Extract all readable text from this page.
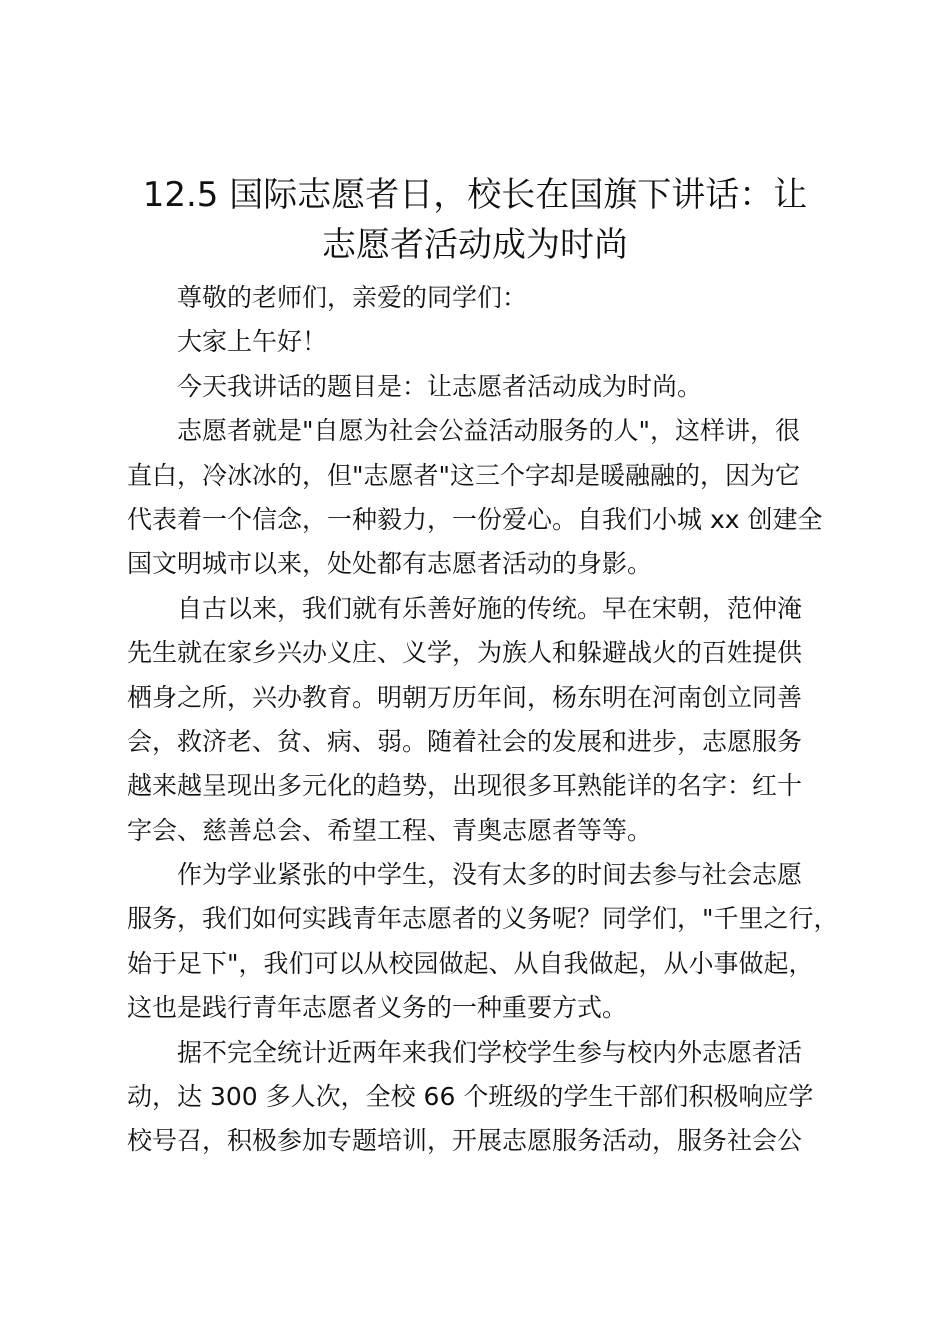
12.5 国际志愿者日，校长在国旗下讲话：让
志愿者活动成为时尚

尊敬的老师们，亲爱的同学们：

大家上午好！

今天我讲话的题目是：让志愿者活动成为时尚。

志愿者就是"自愿为社会公益活动服务的人"，这样讲，很
直白，冷冰冰的，但"志愿者"这三个字却是暖融融的，因为它
代表着一个信念，一种毅力，一份爱心。自我们小城 xx 创建全
国文明城市以来，处处都有志愿者活动的身影。

自古以来，我们就有乐善好施的传统。早在宋朝，范仲淹
先生就在家乡兴办义庄、义学，为族人和躲避战火的百姓提供
栖身之所，兴办教育。明朝万历年间，杨东明在河南创立同善
会，救济老、贫、病、弱。随着社会的发展和进步，志愿服务
越来越呈现出多元化的趋势，出现很多耳熟能详的名字：红十
字会、慈善总会、希望工程、青奥志愿者等等。

作为学业紧张的中学生，没有太多的时间去参与社会志愿
服务，我们如何实践青年志愿者的义务呢？同学们，"千里之行，
始于足下"，我们可以从校园做起、从自我做起，从小事做起，
这也是践行青年志愿者义务的一种重要方式。

据不完全统计近两年来我们学校学生参与校内外志愿者活
动，达 300 多人次，全校 66 个班级的学生干部们积极响应学
校号召，积极参加专题培训，开展志愿服务活动，服务社会公
